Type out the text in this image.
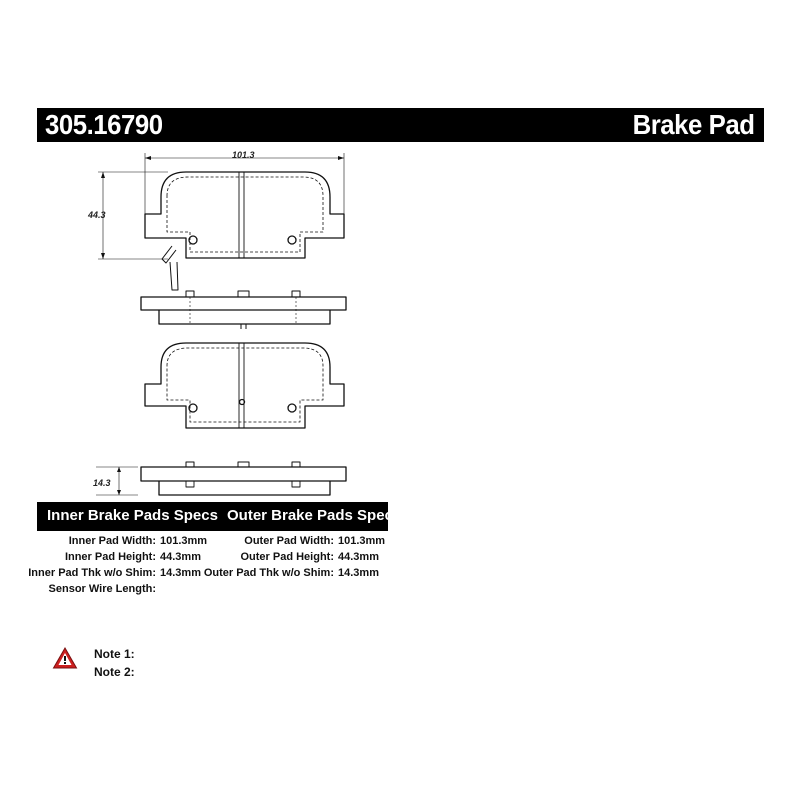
305.16790	Brake Pad
101.3
44.3
14.3
Inner Brake Pads Specs Outer Brake Pads Specs
Inner Pad Width: 101.3mm
Inner Pad Height: 44.3mm
Inner Pad Thk w/o Shim: 14.3mm
Sensor Wire Length:
Outer Pad Width: 101.3mm
Outer Pad Height: 44.3mm
Outer Pad Thk w/o Shim: 14.3mm
Note 1:
Note 2:
